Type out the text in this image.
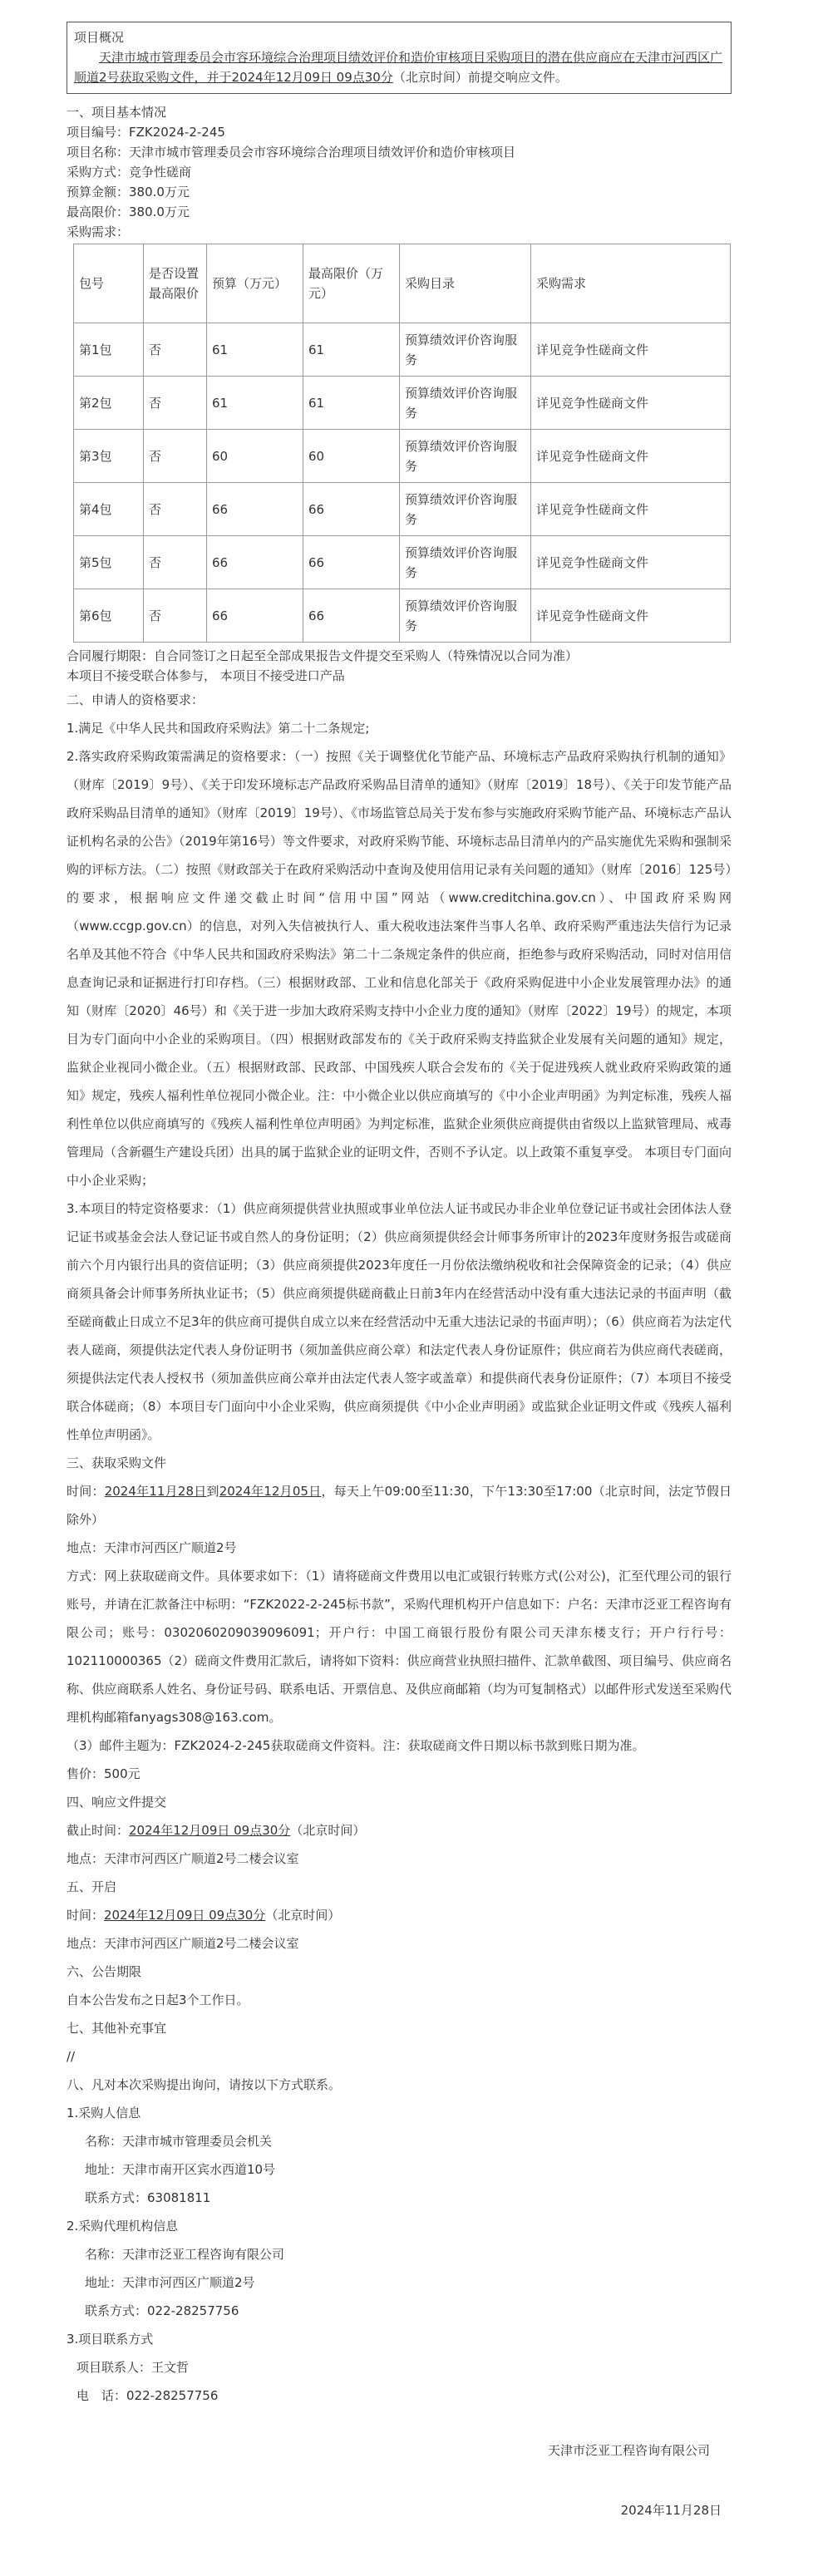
项目概况
天津市城市管理委员会市容环境综合治理项目绩效评价和造价审核项目采购项目的潜在供应商应在天津市河西区广顺道2号获取采购文件，并于2024年12月09日 09点30分（北京时间）前提交响应文件。

一、项目基本情况

项目编号：FZK2024-2-245

项目名称：天津市城市管理委员会市容环境综合治理项目绩效评价和造价审核项目

采购方式：竞争性磋商

预算金额：380.0万元

最高限价：380.0万元

采购需求：

包号	是否设置最高限价	预算（万元）	最高限价（万元）	采购目录	采购需求
第1包	否	61	61	预算绩效评价咨询服务	详见竞争性磋商文件
第2包	否	61	61	预算绩效评价咨询服务	详见竞争性磋商文件
第3包	否	60	60	预算绩效评价咨询服务	详见竞争性磋商文件
第4包	否	66	66	预算绩效评价咨询服务	详见竞争性磋商文件
第5包	否	66	66	预算绩效评价咨询服务	详见竞争性磋商文件
第6包	否	66	66	预算绩效评价咨询服务	详见竞争性磋商文件

合同履行期限：自合同签订之日起至全部成果报告文件提交至采购人（特殊情况以合同为准）

本项目不接受联合体参与， 本项目不接受进口产品

二、申请人的资格要求：

1.满足《中华人民共和国政府采购法》第二十二条规定;

2.落实政府采购政策需满足的资格要求：（一）按照《关于调整优化节能产品、环境标志产品政府采购执行机制的通知》（财库〔2019〕9号）、《关于印发环境标志产品政府采购品目清单的通知》（财库〔2019〕18号）、《关于印发节能产品政府采购品目清单的通知》（财库〔2019〕19号）、《市场监管总局关于发布参与实施政府采购节能产品、环境标志产品认证机构名录的公告》（2019年第16号）等文件要求，对政府采购节能、环境标志品目清单内的产品实施优先采购和强制采购的评标方法。（二）按照《财政部关于在政府采购活动中查询及使用信用记录有关问题的通知》（财库〔2016〕125号）的要求，根据响应文件递交截止时间“信用中国”网站（www.creditchina.gov.cn）、中国政府采购网（www.ccgp.gov.cn）的信息，对列入失信被执行人、重大税收违法案件当事人名单、政府采购严重违法失信行为记录名单及其他不符合《中华人民共和国政府采购法》第二十二条规定条件的供应商，拒绝参与政府采购活动，同时对信用信息查询记录和证据进行打印存档。（三）根据财政部、工业和信息化部关于《政府采购促进中小企业发展管理办法》的通知（财库〔2020〕46号）和《关于进一步加大政府采购支持中小企业力度的通知》（财库〔2022〕19号）的规定，本项目为专门面向中小企业的采购项目。（四）根据财政部发布的《关于政府采购支持监狱企业发展有关问题的通知》规定，监狱企业视同小微企业。（五）根据财政部、民政部、中国残疾人联合会发布的《关于促进残疾人就业政府采购政策的通知》规定，残疾人福利性单位视同小微企业。注：中小微企业以供应商填写的《中小企业声明函》为判定标准，残疾人福利性单位以供应商填写的《残疾人福利性单位声明函》为判定标准，监狱企业须供应商提供由省级以上监狱管理局、戒毒管理局（含新疆生产建设兵团）出具的属于监狱企业的证明文件，否则不予认定。以上政策不重复享受。 本项目专门面向中小企业采购；

3.本项目的特定资格要求：（1）供应商须提供营业执照或事业单位法人证书或民办非企业单位登记证书或社会团体法人登记证书或基金会法人登记证书或自然人的身份证明；（2）供应商须提供经会计师事务所审计的2023年度财务报告或磋商前六个月内银行出具的资信证明；（3）供应商须提供2023年度任一月份依法缴纳税收和社会保障资金的记录；（4）供应商须具备会计师事务所执业证书；（5）供应商须提供磋商截止日前3年内在经营活动中没有重大违法记录的书面声明（截至磋商截止日成立不足3年的供应商可提供自成立以来在经营活动中无重大违法记录的书面声明）；（6）供应商若为法定代表人磋商，须提供法定代表人身份证明书（须加盖供应商公章）和法定代表人身份证原件；供应商若为供应商代表磋商，须提供法定代表人授权书（须加盖供应商公章并由法定代表人签字或盖章）和提供商代表身份证原件；（7）本项目不接受联合体磋商；（8）本项目专门面向中小企业采购，供应商须提供《中小企业声明函》或监狱企业证明文件或《残疾人福利性单位声明函》。

三、获取采购文件

时间：2024年11月28日到2024年12月05日，每天上午09:00至11:30，下午13:30至17:00（北京时间，法定节假日除外）

地点：天津市河西区广顺道2号

方式：网上获取磋商文件。具体要求如下：（1）请将磋商文件费用以电汇或银行转账方式(公对公)，汇至代理公司的银行账号，并请在汇款备注中标明：“FZK2022-2-245标书款”，采购代理机构开户信息如下：户名：天津市泛亚工程咨询有限公司；账号：0302060209039096091；开户行：中国工商银行股份有限公司天津东楼支行；开户行行号：102110000365（2）磋商文件费用汇款后，请将如下资料：供应商营业执照扫描件、汇款单截图、项目编号、供应商名称、供应商联系人姓名、身份证号码、联系电话、开票信息、及供应商邮箱（均为可复制格式）以邮件形式发送至采购代理机构邮箱fanyags308@163.com。

（3）邮件主题为：FZK2024-2-245获取磋商文件资料。注：获取磋商文件日期以标书款到账日期为准。

售价：500元

四、响应文件提交

截止时间：2024年12月09日 09点30分（北京时间）

地点：天津市河西区广顺道2号二楼会议室

五、开启

时间：2024年12月09日 09点30分（北京时间）

地点：天津市河西区广顺道2号二楼会议室

六、公告期限

自本公告发布之日起3个工作日。

七、其他补充事宜

//

八、凡对本次采购提出询问，请按以下方式联系。

1.采购人信息

名称：天津市城市管理委员会机关

地址：天津市南开区宾水西道10号

联系方式：63081811

2.采购代理机构信息

名称：天津市泛亚工程咨询有限公司

地址：天津市河西区广顺道2号

联系方式：022-28257756

3.项目联系方式

项目联系人：王文哲

电　话：022-28257756

天津市泛亚工程咨询有限公司
2024年11月28日
